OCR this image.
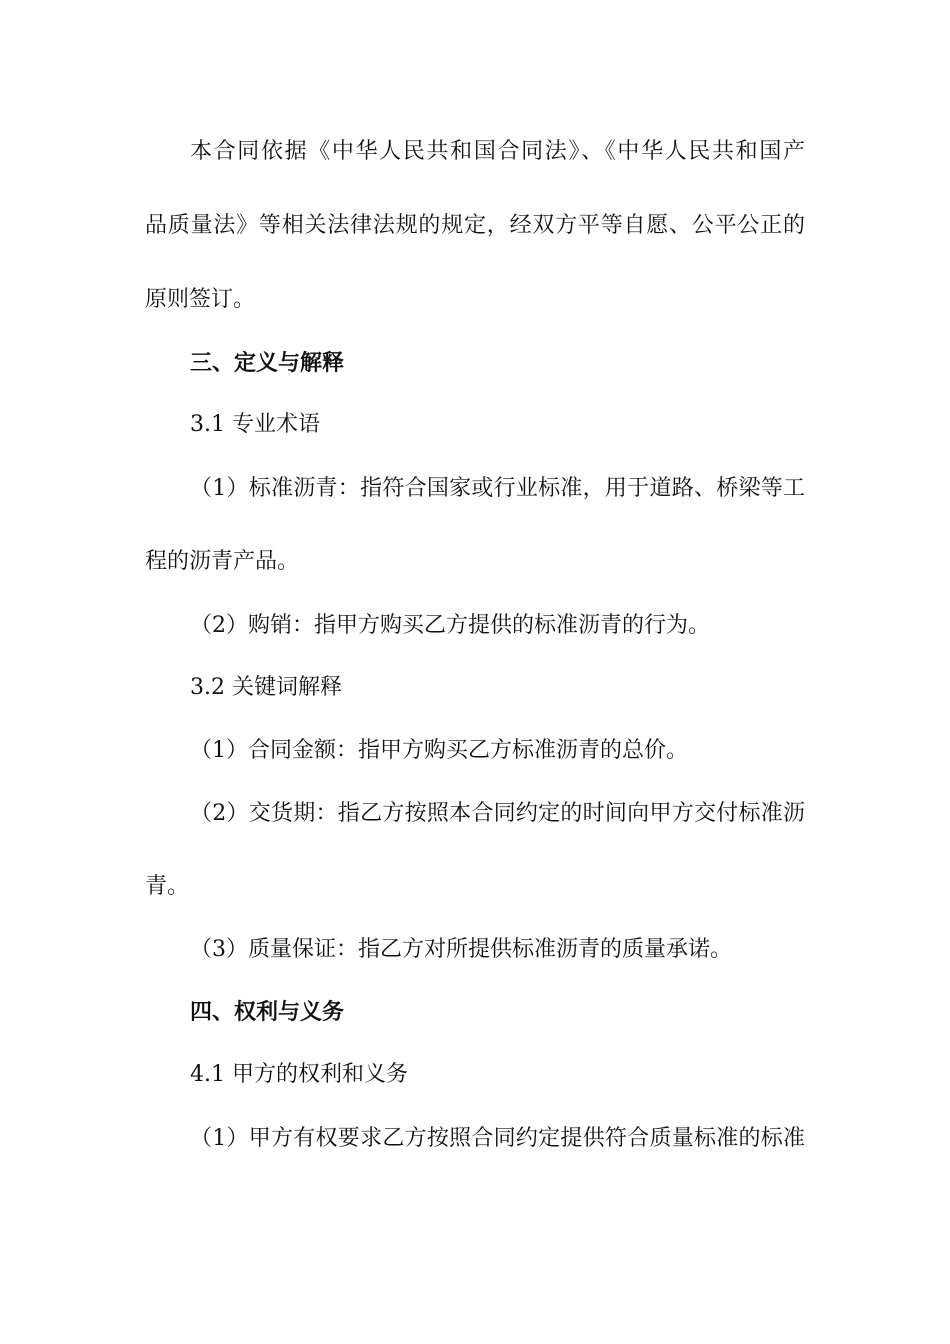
本合同依据《中华人民共和国合同法》、《中华人民共和国产
品质量法》等相关法律法规的规定，经双方平等自愿、公平公正的
原则签订。
三、定义与解释
3.1 专业术语
（1）标准沥青：指符合国家或行业标准，用于道路、桥梁等工
程的沥青产品。
（2）购销：指甲方购买乙方提供的标准沥青的行为。
3.2 关键词解释
（1）合同金额：指甲方购买乙方标准沥青的总价。
（2）交货期：指乙方按照本合同约定的时间向甲方交付标准沥
青。
（3）质量保证：指乙方对所提供标准沥青的质量承诺。
四、权利与义务
4.1 甲方的权利和义务
（1）甲方有权要求乙方按照合同约定提供符合质量标准的标准
